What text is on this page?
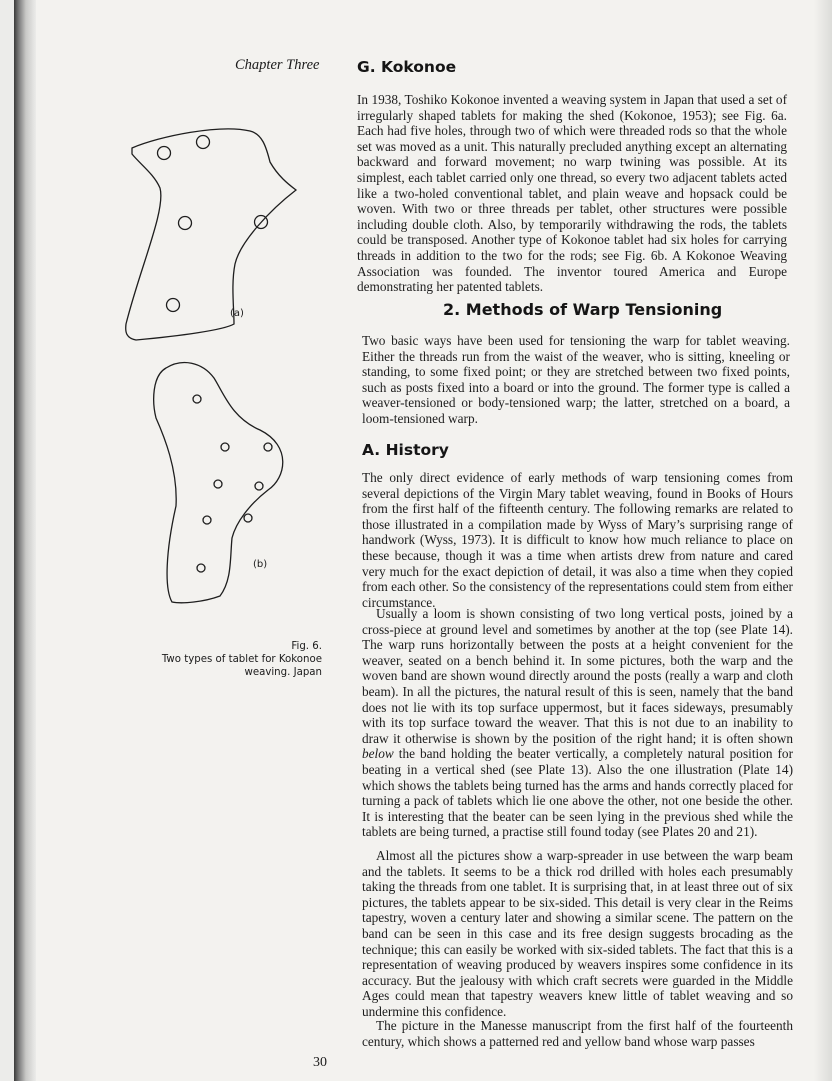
Chapter Three G. Kokonoe

In 1938, Toshiko Kokonoe invented a weaving system in Japan that used a set of irregularly shaped tablets for making the shed (Kokonoe, 1953); see Fig. 6a. Each had five holes, through two of which were threaded rods so that the whole set was moved as a unit. This naturally precluded anything except an alternating backward and forward movement; no warp twining was possible. At its simplest, each tablet carried only one thread, so every two adjacent tablets acted like a two-holed conventional tablet, and plain weave and hopsack could be woven. With two or three threads per tablet, other structures were possible including double cloth. Also, by temporarily withdrawing the rods, the tablets could be transposed. Another type of Kokonoe tablet had six holes for carrying threads in addition to the two for the rods; see Fig. 6b. A Kokonoe Weaving Association was founded. The inventor toured America and Europe demonstrating her patented tablets.

2. Methods of Warp Tensioning

Two basic ways have been used for tensioning the warp for tablet weaving. Either the threads run from the waist of the weaver, who is sitting, kneeling or standing, to some fixed point; or they are stretched between two fixed points, such as posts fixed into a board or into the ground. The former type is called a weaver-tensioned or body-tensioned warp; the latter, stretched on a board, a loom-tensioned warp.

A. History

The only direct evidence of early methods of warp tensioning comes from several depictions of the Virgin Mary tablet weaving, found in Books of Hours from the first half of the fifteenth century. The following remarks are related to those illustrated in a compilation made by Wyss of Mary’s surprising range of handwork (Wyss, 1973). It is difficult to know how much reliance to place on these because, though it was a time when artists drew from nature and cared very much for the exact depiction of detail, it was also a time when they copied from each other. So the consistency of the representations could stem from either circumstance.

Usually a loom is shown consisting of two long vertical posts, joined by a cross-piece at ground level and sometimes by another at the top (see Plate 14). The warp runs horizontally between the posts at a height convenient for the weaver, seated on a bench behind it. In some pictures, both the warp and the woven band are shown wound directly around the posts (really a warp and cloth beam). In all the pictures, the natural result of this is seen, namely that the band does not lie with its top surface uppermost, but it faces sideways, presumably with its top surface toward the weaver. That this is not due to an inability to draw it otherwise is shown by the position of the right hand; it is often shown below the band holding the beater vertically, a completely natural position for beating in a vertical shed (see Plate 13). Also the one illustration (Plate 14) which shows the tablets being turned has the arms and hands correctly placed for turning a pack of tablets which lie one above the other, not one beside the other. It is interesting that the beater can be seen lying in the previous shed while the tablets are being turned, a practise still found today (see Plates 20 and 21).

Almost all the pictures show a warp-spreader in use between the warp beam and the tablets. It seems to be a thick rod drilled with holes each presumably taking the threads from one tablet. It is surprising that, in at least three out of six pictures, the tablets appear to be six-sided. This detail is very clear in the Reims tapestry, woven a century later and showing a similar scene. The pattern on the band can be seen in this case and its free design suggests brocading as the technique; this can easily be worked with six-sided tablets. The fact that this is a representation of weaving produced by weavers inspires some confidence in its accuracy. But the jealousy with which craft secrets were guarded in the Middle Ages could mean that tapestry weavers knew little of tablet weaving and so undermine this confidence.

The picture in the Manesse manuscript from the first half of the fourteenth century, which shows a patterned red and yellow band whose warp passes

(a)
(b)
Fig. 6.
Two types of tablet for Kokonoe weaving. Japan
30
